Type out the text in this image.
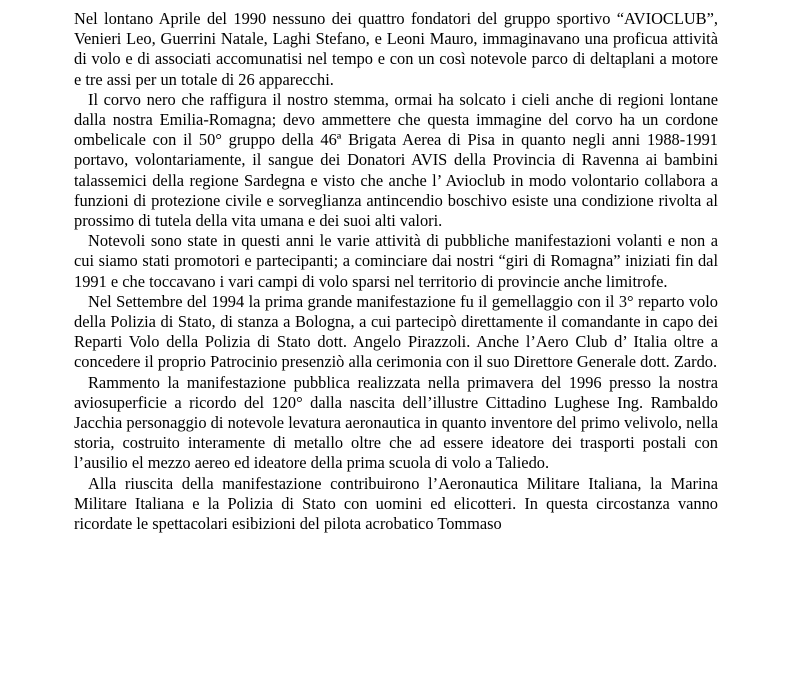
Nel lontano Aprile del 1990 nessuno dei quattro fondatori del gruppo sportivo “AVIOCLUB”, Venieri Leo, Guerrini Natale, Laghi Stefano, e Leoni Mauro, immaginavano una proficua attività di volo e di associati accomunatisi nel tempo e con un così notevole parco di deltaplani a motore e tre assi per un totale di 26 apparecchi.

Il corvo nero che raffigura il nostro stemma, ormai ha solcato i cieli anche di regioni lontane dalla nostra Emilia-Romagna; devo ammettere che questa immagine del corvo ha un cordone ombelicale con il 50° gruppo della 46ª Brigata Aerea di Pisa in quanto negli anni 1988-1991 portavo, volontariamente, il sangue dei Donatori AVIS della Provincia di Ravenna ai bambini talassemici della regione Sardegna e visto che anche l’ Avioclub in modo volontario collabora a funzioni di protezione civile e sorveglianza antincendio boschivo esiste una condizione rivolta al prossimo di tutela della vita umana e dei suoi alti valori.

Notevoli sono state in questi anni le varie attività di pubbliche manifestazioni volanti e non a cui siamo stati promotori e partecipanti; a cominciare dai nostri “giri di Romagna” iniziati fin dal 1991 e che toccavano i vari campi di volo sparsi nel territorio di provincie anche limitrofe.

Nel Settembre del 1994 la prima grande manifestazione fu il gemellaggio con il 3° reparto volo della Polizia di Stato, di stanza a Bologna, a cui partecipò direttamente il comandante in capo dei Reparti Volo della Polizia di Stato dott. Angelo Pirazzoli. Anche l’Aero Club d’ Italia oltre a concedere il proprio Patrocinio presenziò alla cerimonia con il suo Direttore Generale dott. Zardo.

Rammento la manifestazione pubblica realizzata nella primavera del 1996 presso la nostra aviosuperficie a ricordo del 120° dalla nascita dell’illustre Cittadino Lughese Ing. Rambaldo Jacchia personaggio di notevole levatura aeronautica in quanto inventore del primo velivolo, nella storia, costruito interamente di metallo oltre che ad essere ideatore dei trasporti postali con l’ausilio el mezzo aereo ed ideatore della prima scuola di volo a Taliedo.

Alla riuscita della manifestazione contribuirono l’Aeronautica Militare Italiana, la Marina Militare Italiana e la Polizia di Stato con uomini ed elicotteri. In questa circostanza vanno ricordate le spettacolari esibizioni del pilota acrobatico Tommaso
